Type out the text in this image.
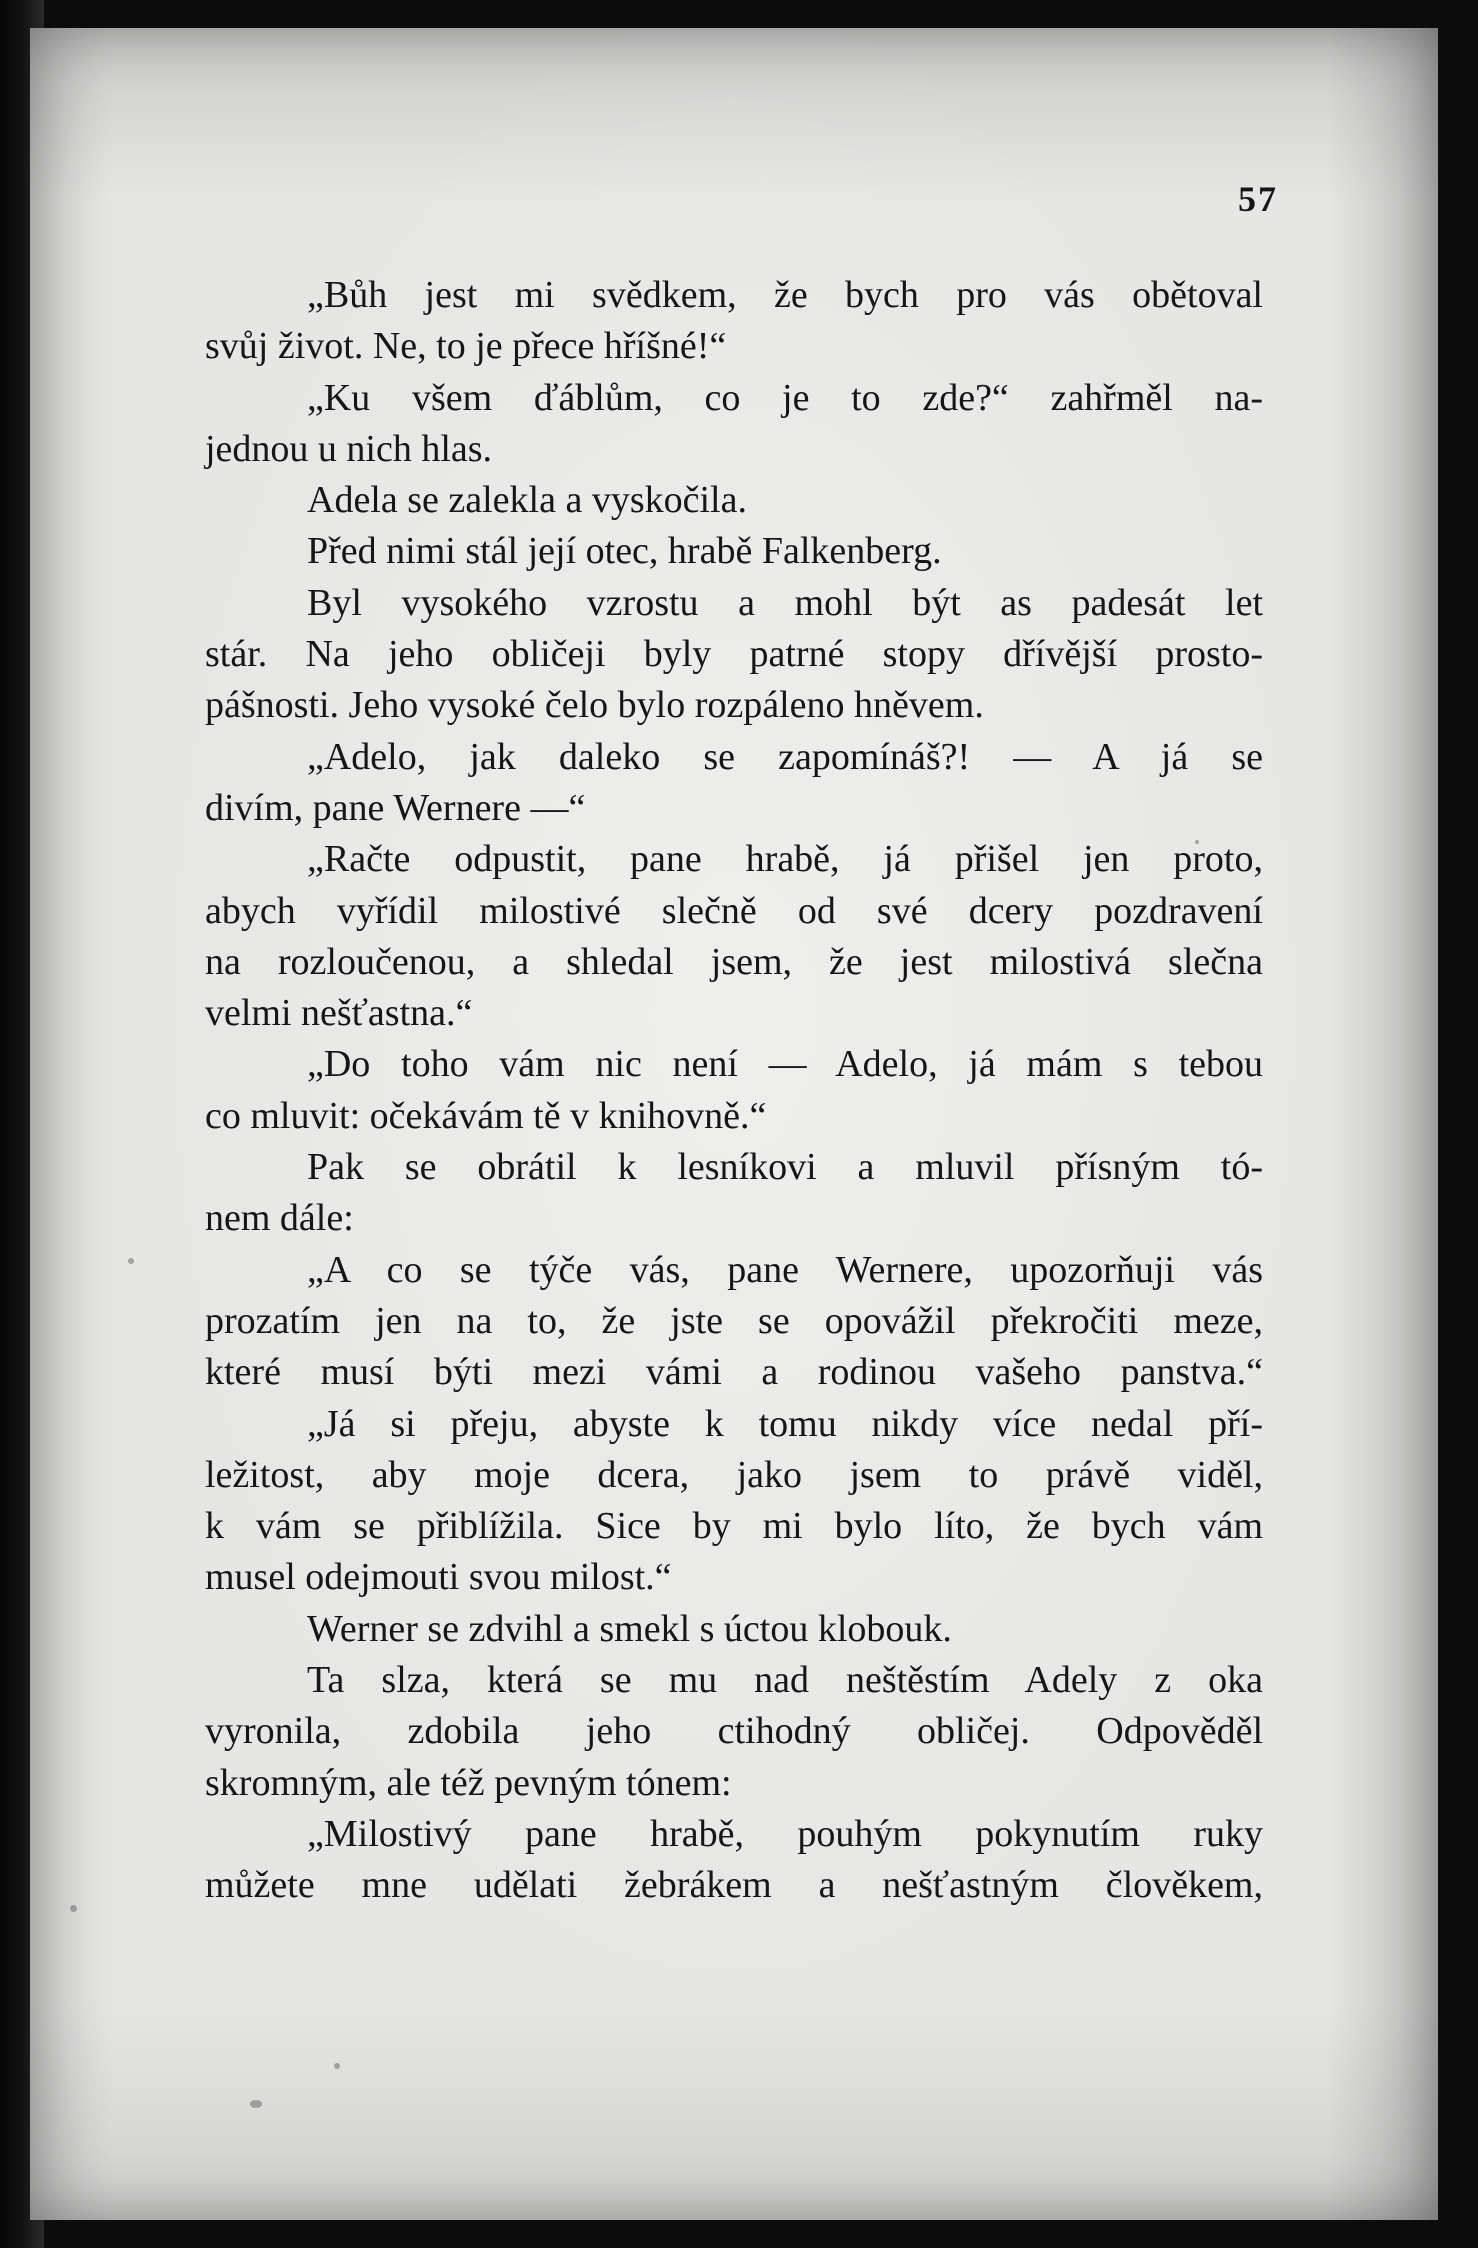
57
„Bůh jest mi svědkem, že bych pro vás obětoval
svůj život. Ne, to je přece hříšné!“
„Ku všem ďáblům, co je to zde?“ zahřměl na-
jednou u nich hlas.
Adela se zalekla a vyskočila.
Před nimi stál její otec, hrabě Falkenberg.
Byl vysokého vzrostu a mohl být as padesát let
stár. Na jeho obličeji byly patrné stopy dřívější prosto-
pášnosti. Jeho vysoké čelo bylo rozpáleno hněvem.
„Adelo, jak daleko se zapomínáš?! — A já se
divím, pane Wernere —“
„Račte odpustit, pane hrabě, já přišel jen proto,
abych vyřídil milostivé slečně od své dcery pozdravení
na rozloučenou, a shledal jsem, že jest milostivá slečna
velmi nešťastna.“
„Do toho vám nic není — Adelo, já mám s tebou
co mluvit: očekávám tě v knihovně.“
Pak se obrátil k lesníkovi a mluvil přísným tó-
nem dále:
„A co se týče vás, pane Wernere, upozorňuji vás
prozatím jen na to, že jste se opovážil překročiti meze,
které musí býti mezi vámi a rodinou vašeho panstva.“
„Já si přeju, abyste k tomu nikdy více nedal pří-
ležitost, aby moje dcera, jako jsem to právě viděl,
k vám se přiblížila. Sice by mi bylo líto, že bych vám
musel odejmouti svou milost.“
Werner se zdvihl a smekl s úctou klobouk.
Ta slza, která se mu nad neštěstím Adely z oka
vyronila, zdobila jeho ctihodný obličej. Odpověděl
skromným, ale též pevným tónem:
„Milostivý pane hrabě, pouhým pokynutím ruky
můžete mne udělati žebrákem a nešťastným člověkem,
